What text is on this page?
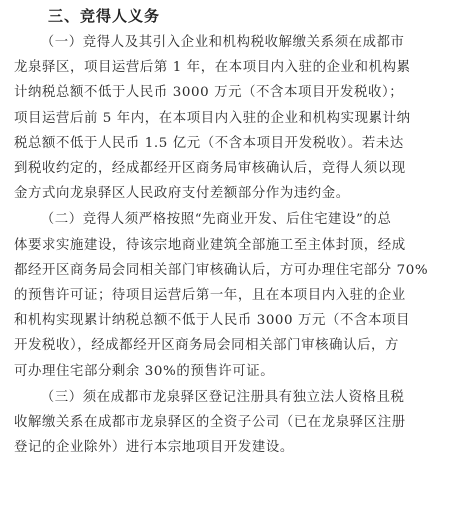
三、竞得人义务
（一）竞得人及其引入企业和机构税收解缴关系须在成都市
龙泉驿区，项目运营后第 1 年，在本项目内入驻的企业和机构累
计纳税总额不低于人民币 3000 万元（不含本项目开发税收）；
项目运营后前 5 年内，在本项目内入驻的企业和机构实现累计纳
税总额不低于人民币 1.5 亿元（不含本项目开发税收）。若未达
到税收约定的，经成都经开区商务局审核确认后，竞得人须以现
金方式向龙泉驿区人民政府支付差额部分作为违约金。
（二）竞得人须严格按照“先商业开发、后住宅建设”的总
体要求实施建设，待该宗地商业建筑全部施工至主体封顶，经成
都经开区商务局会同相关部门审核确认后，方可办理住宅部分 70%
的预售许可证；待项目运营后第一年，且在本项目内入驻的企业
和机构实现累计纳税总额不低于人民币 3000 万元（不含本项目
开发税收），经成都经开区商务局会同相关部门审核确认后，方
可办理住宅部分剩余 30%的预售许可证。
（三）须在成都市龙泉驿区登记注册具有独立法人资格且税
收解缴关系在成都市龙泉驿区的全资子公司（已在龙泉驿区注册
登记的企业除外）进行本宗地项目开发建设。
